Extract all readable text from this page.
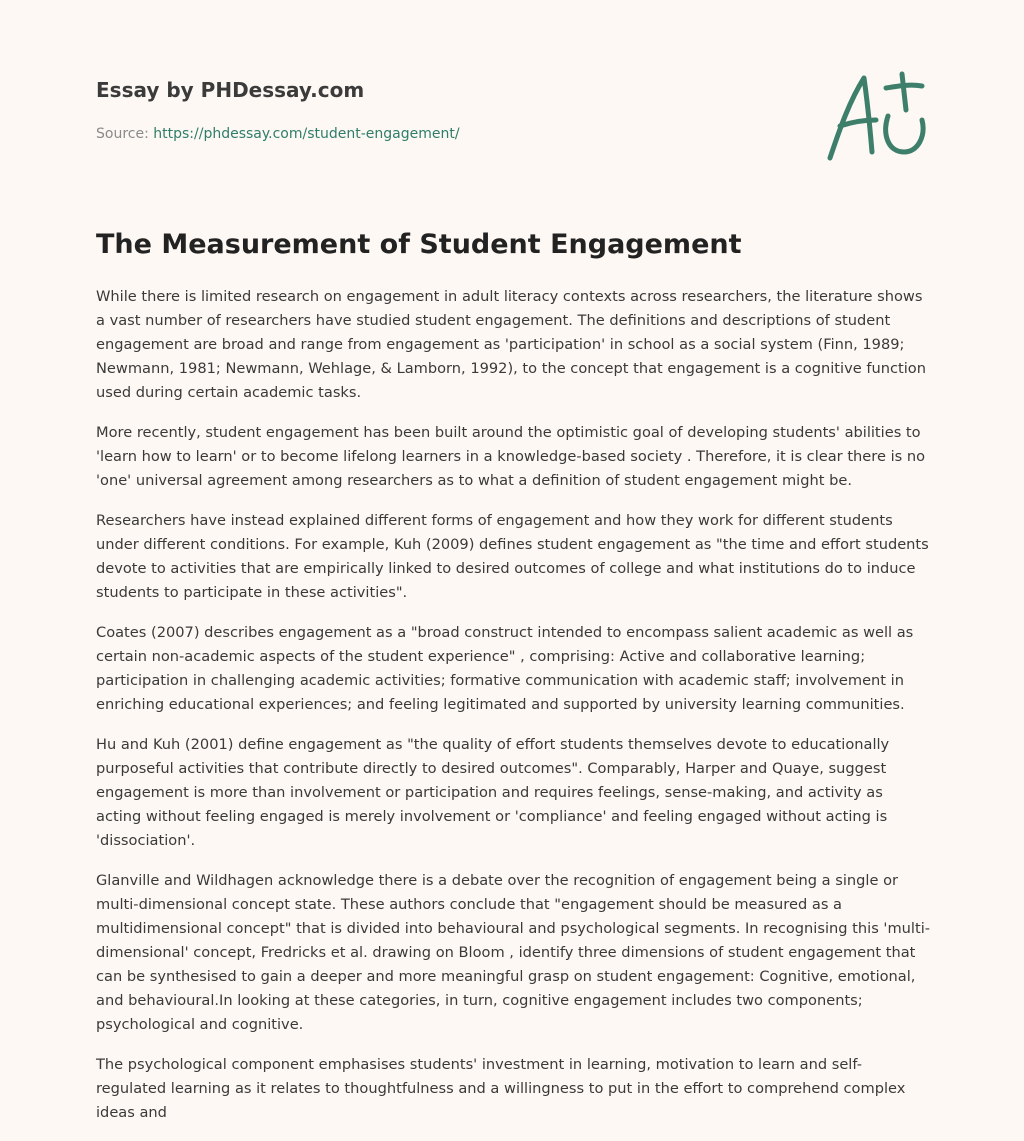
Essay by PHDessay.com
Source: https://phdessay.com/student-engagement/
The Measurement of Student Engagement

While there is limited research on engagement in adult literacy contexts across researchers, the literature shows a vast number of researchers have studied student engagement. The definitions and descriptions of student engagement are broad and range from engagement as 'participation' in school as a social system (Finn, 1989; Newmann, 1981; Newmann, Wehlage, & Lamborn, 1992), to the concept that engagement is a cognitive function used during certain academic tasks.

More recently, student engagement has been built around the optimistic goal of developing students' abilities to 'learn how to learn' or to become lifelong learners in a knowledge-based society . Therefore, it is clear there is no 'one' universal agreement among researchers as to what a definition of student engagement might be.

Researchers have instead explained different forms of engagement and how they work for different students under different conditions. For example, Kuh (2009) defines student engagement as "the time and effort students devote to activities that are empirically linked to desired outcomes of college and what institutions do to induce students to participate in these activities".

Coates (2007) describes engagement as a "broad construct intended to encompass salient academic as well as certain non-academic aspects of the student experience" , comprising: Active and collaborative learning; participation in challenging academic activities; formative communication with academic staff; involvement in enriching educational experiences; and feeling legitimated and supported by university learning communities.

Hu and Kuh (2001) define engagement as "the quality of effort students themselves devote to educationally purposeful activities that contribute directly to desired outcomes". Comparably, Harper and Quaye, suggest engagement is more than involvement or participation and requires feelings, sense-making, and activity as acting without feeling engaged is merely involvement or 'compliance' and feeling engaged without acting is 'dissociation'.

Glanville and Wildhagen acknowledge there is a debate over the recognition of engagement being a single or multi-dimensional concept state. These authors conclude that "engagement should be measured as a multidimensional concept" that is divided into behavioural and psychological segments. In recognising this 'multi-dimensional' concept, Fredricks et al. drawing on Bloom , identify three dimensions of student engagement that can be synthesised to gain a deeper and more meaningful grasp on student engagement: Cognitive, emotional, and behavioural.In looking at these categories, in turn, cognitive engagement includes two components; psychological and cognitive.

The psychological component emphasises students' investment in learning, motivation to learn and self-regulated learning as it relates to thoughtfulness and a willingness to put in the effort to comprehend complex ideas and
